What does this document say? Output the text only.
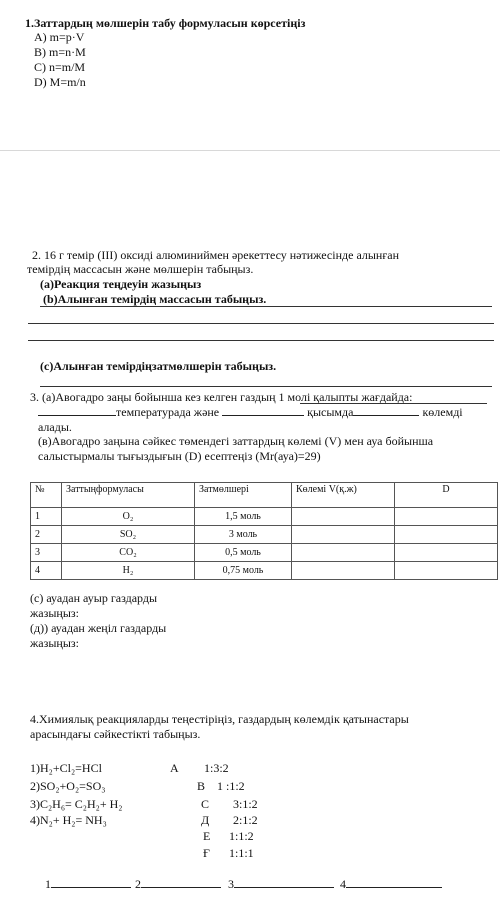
1.Заттардың мөлшерін табу формуласын көрсетіңіз
A) m=p·V
B) m=n·M
C) n=m/M
D) M=m/n
2. 16 г темір (ІІІ) оксиді алюминиймен әрекеттесу нәтижесінде алынған
темірдің массасын және мөлшерін табыңыз.
(a)Реакция теңдеуін жазыңыз
(b)Алынған темірдің массасын табыңыз.
(c)Алынған темірдіңзатмөлшерін табыңыз.
3. (а)Авогадро заңы бойынша кез келген газдың 1 молі қалыпты жағдайда:
температурада және	қысымда	көлемді
алады.
(в)Авогадро заңына сәйкес төмендегі заттардың көлемі (V) мен ауа бойынша
салыстырмалы тығыздығын (D) есептеңіз (Mr(ауа)=29)
№	Заттыңформуласы	Затмөлшері	Көлемі V(қ.ж)	D
1	O₂	1,5 моль		
2	SO₂	3 моль		
3	CO₂	0,5 моль		
4	H₂	0,75 моль		
(с) ауадан ауыр газдарды
жазыңыз:
(д)) ауадан жеңіл газдарды
жазыңыз:
4.Химиялық реакцияларды теңестіріңіз, газдардың көлемдік қатынастары
арасындағы сәйкестікті табыңыз.
1)H₂+Cl₂=HCl
2)SO₂+O₂=SO₃
3)C₂H₆= C₂H₂+ H₂
4)N₂+ H₂= NH₃
A 1:3:2
B 1 :1:2
C 3:1:2
Д 2:1:2
E 1:1:2
Ғ 1:1:1
1	2	3	4
